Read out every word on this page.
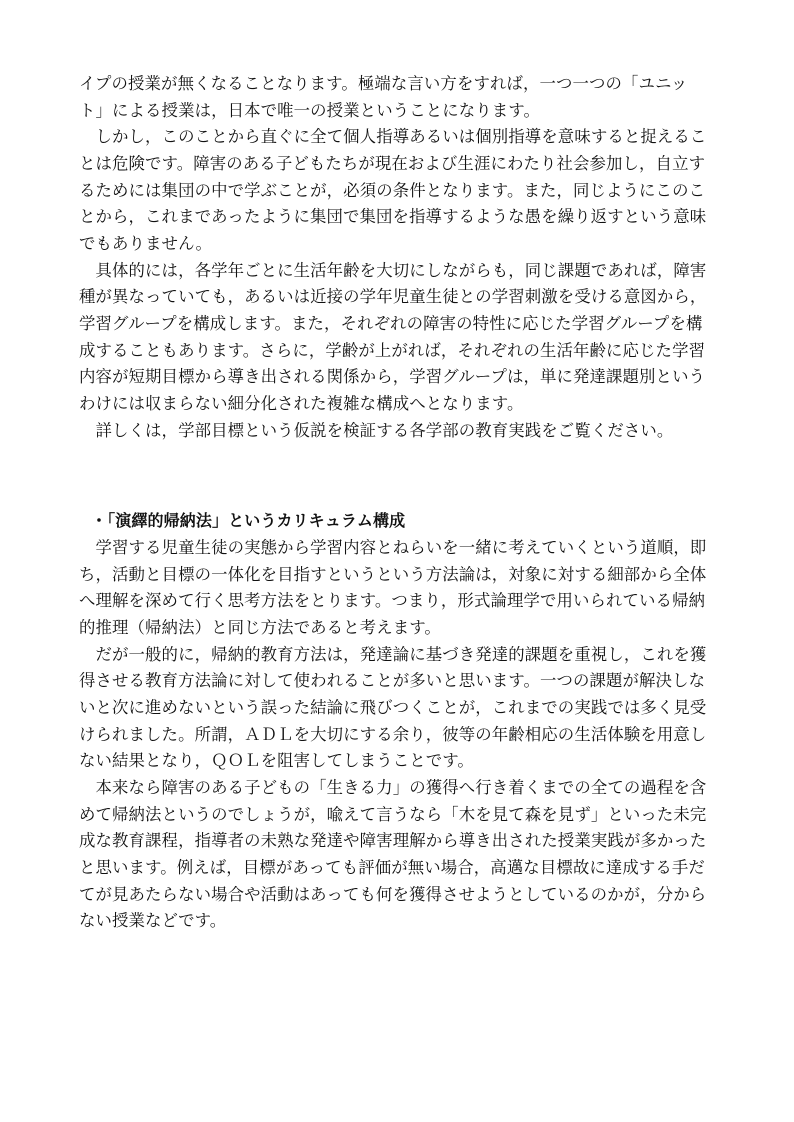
イプの授業が無くなることなります。極端な言い方をすれば，一つ一つの「ユニッ
ト」による授業は，日本で唯一の授業ということになります。
　しかし，このことから直ぐに全て個人指導あるいは個別指導を意味すると捉えるこ
とは危険です。障害のある子どもたちが現在および生涯にわたり社会参加し，自立す
るためには集団の中で学ぶことが，必須の条件となります。また，同じようにこのこ
とから，これまであったように集団で集団を指導するような愚を繰り返すという意味
でもありません。
　具体的には，各学年ごとに生活年齢を大切にしながらも，同じ課題であれば，障害
種が異なっていても，あるいは近接の学年児童生徒との学習刺激を受ける意図から，
学習グループを構成します。また，それぞれの障害の特性に応じた学習グループを構
成することもあります。さらに，学齢が上がれば，それぞれの生活年齢に応じた学習
内容が短期目標から導き出される関係から，学習グループは，単に発達課題別という
わけには収まらない細分化された複雑な構成へとなります。
　詳しくは，学部目標という仮説を検証する各学部の教育実践をご覧ください。
・「演繹的帰納法」というカリキュラム構成
　学習する児童生徒の実態から学習内容とねらいを一緒に考えていくという道順，即
ち，活動と目標の一体化を目指すというという方法論は，対象に対する細部から全体
へ理解を深めて行く思考方法をとります。つまり，形式論理学で用いられている帰納
的推理（帰納法）と同じ方法であると考えます。
　だが一般的に，帰納的教育方法は，発達論に基づき発達的課題を重視し，これを獲
得させる教育方法論に対して使われることが多いと思います。一つの課題が解決しな
いと次に進めないという誤った結論に飛びつくことが，これまでの実践では多く見受
けられました。所謂，ＡＤＬを大切にする余り，彼等の年齢相応の生活体験を用意し
ない結果となり，ＱＯＬを阻害してしまうことです。
　本来なら障害のある子どもの「生きる力」の獲得へ行き着くまでの全ての過程を含
めて帰納法というのでしょうが，喩えて言うなら「木を見て森を見ず」といった未完
成な教育課程，指導者の未熟な発達や障害理解から導き出された授業実践が多かった
と思います。例えば，目標があっても評価が無い場合，高邁な目標故に達成する手だ
てが見あたらない場合や活動はあっても何を獲得させようとしているのかが，分から
ない授業などです。
